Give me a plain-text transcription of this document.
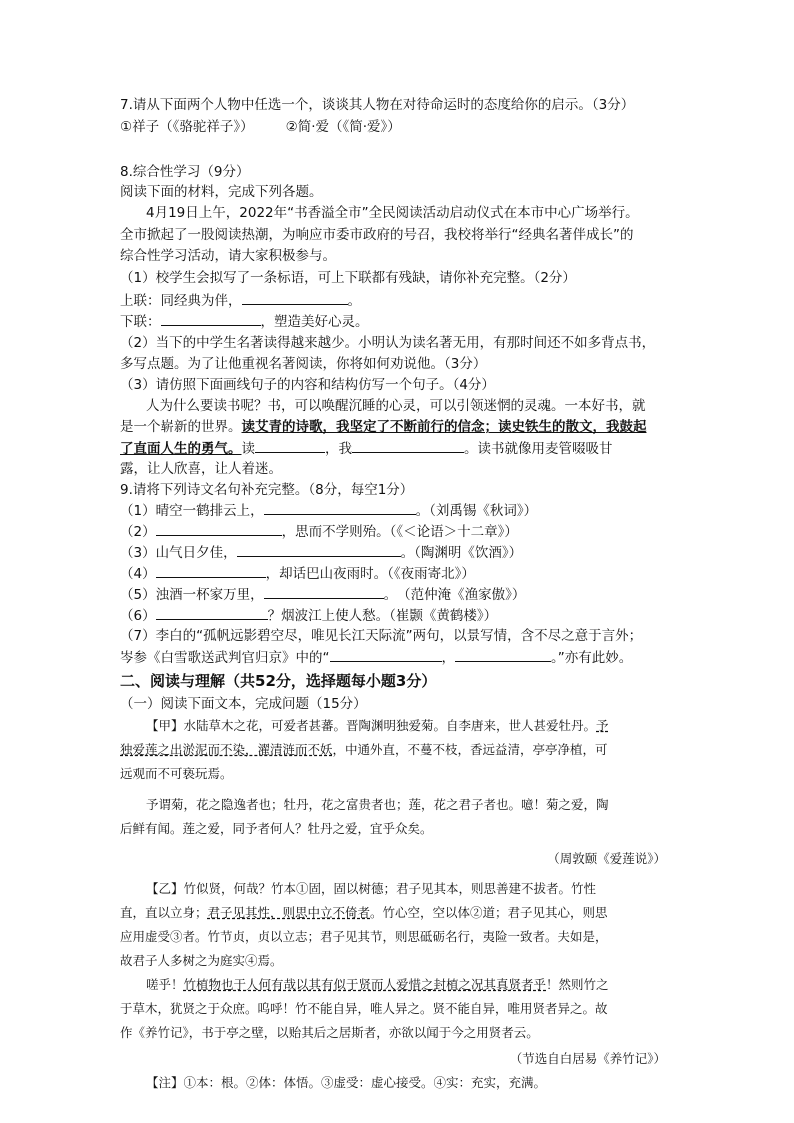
7.请从下面两个人物中任选一个，谈谈其人物在对待命运时的态度给你的启示。（3分）
①祥子（《骆驼祥子》） ②简·爱（《简·爱》）
8.综合性学习（9分）
阅读下面的材料，完成下列各题。
4月19日上午，2022年“书香溢全市”全民阅读活动启动仪式在本市中心广场举行。
全市掀起了一股阅读热潮，为响应市委市政府的号召，我校将举行“经典名著伴成长”的
综合性学习活动，请大家积极参与。
（1）校学生会拟写了一条标语，可上下联都有残缺，请你补充完整。（2分）
上联：同经典为伴，	。
下联：	，塑造美好心灵。
（2）当下的中学生名著读得越来越少。小明认为读名著无用，有那时间还不如多背点书，
多写点题。为了让他重视名著阅读，你将如何劝说他。（3分）
（3）请仿照下面画线句子的内容和结构仿写一个句子。（4分）
人为什么要读书呢？书，可以唤醒沉睡的心灵，可以引领迷惘的灵魂。一本好书，就
是一个崭新的世界。读艾青的诗歌，我坚定了不断前行的信念；读史铁生的散文，我鼓起
了直面人生的勇气。读	，我	。读书就像用麦管啜吸甘
露，让人欣喜，让人着迷。
9.请将下列诗文名句补充完整。（8分，每空1分）
（1）晴空一鹤排云上，	。（刘禹锡《秋词》）
（2）	，思而不学则殆。（《＜论语＞十二章》）
（3）山气日夕佳，	。（陶渊明《饮酒》）
（4）	，却话巴山夜雨时。（《夜雨寄北》）
（5）浊酒一杯家万里，	。　（范仲淹《渔家傲》）
（6）	？烟波江上使人愁。（崔颢《黄鹤楼》）
（7）李白的“孤帆远影碧空尽，唯见长江天际流”两句，以景写情，含不尽之意于言外；
岑参《白雪歌送武判官归京》中的“	，	。”亦有此妙。
二、阅读与理解（共52分，选择题每小题3分）
（一）阅读下面文本，完成问题（15分）
【甲】水陆草木之花，可爱者甚蕃。晋陶渊明独爱菊。自李唐来，世人甚爱牡丹。予
独爱莲之出淤泥而不染，濯清涟而不妖，中通外直，不蔓不枝，香远益清，亭亭净植，可
远观而不可亵玩焉。
予谓菊，花之隐逸者也；牡丹，花之富贵者也；莲，花之君子者也。噫！菊之爱，陶
后鲜有闻。莲之爱，同予者何人？牡丹之爱，宜乎众矣。
（周敦颐《爱莲说》）
【乙】竹似贤，何哉？竹本①固，固以树德；君子见其本，则思善建不拔者。竹性
直，直以立身；君子见其性，则思中立不倚者。竹心空，空以体②道；君子见其心，则思
应用虚受③者。竹节贞，贞以立志；君子见其节，则思砥砺名行，夷险一致者。夫如是，
故君子人多树之为庭实④焉。
嗟乎！竹植物也于人何有哉以其有似于贤而人爱惜之封植之况其真贤者乎！然则竹之
于草木，犹贤之于众庶。呜呼！竹不能自异，唯人异之。贤不能自异，唯用贤者异之。故
作《养竹记》，书于亭之壁，以贻其后之居斯者，亦欲以闻于今之用贤者云。
（节选自白居易《养竹记》）
【注】①本：根。②体：体悟。③虚受：虚心接受。④实：充实，充满。
